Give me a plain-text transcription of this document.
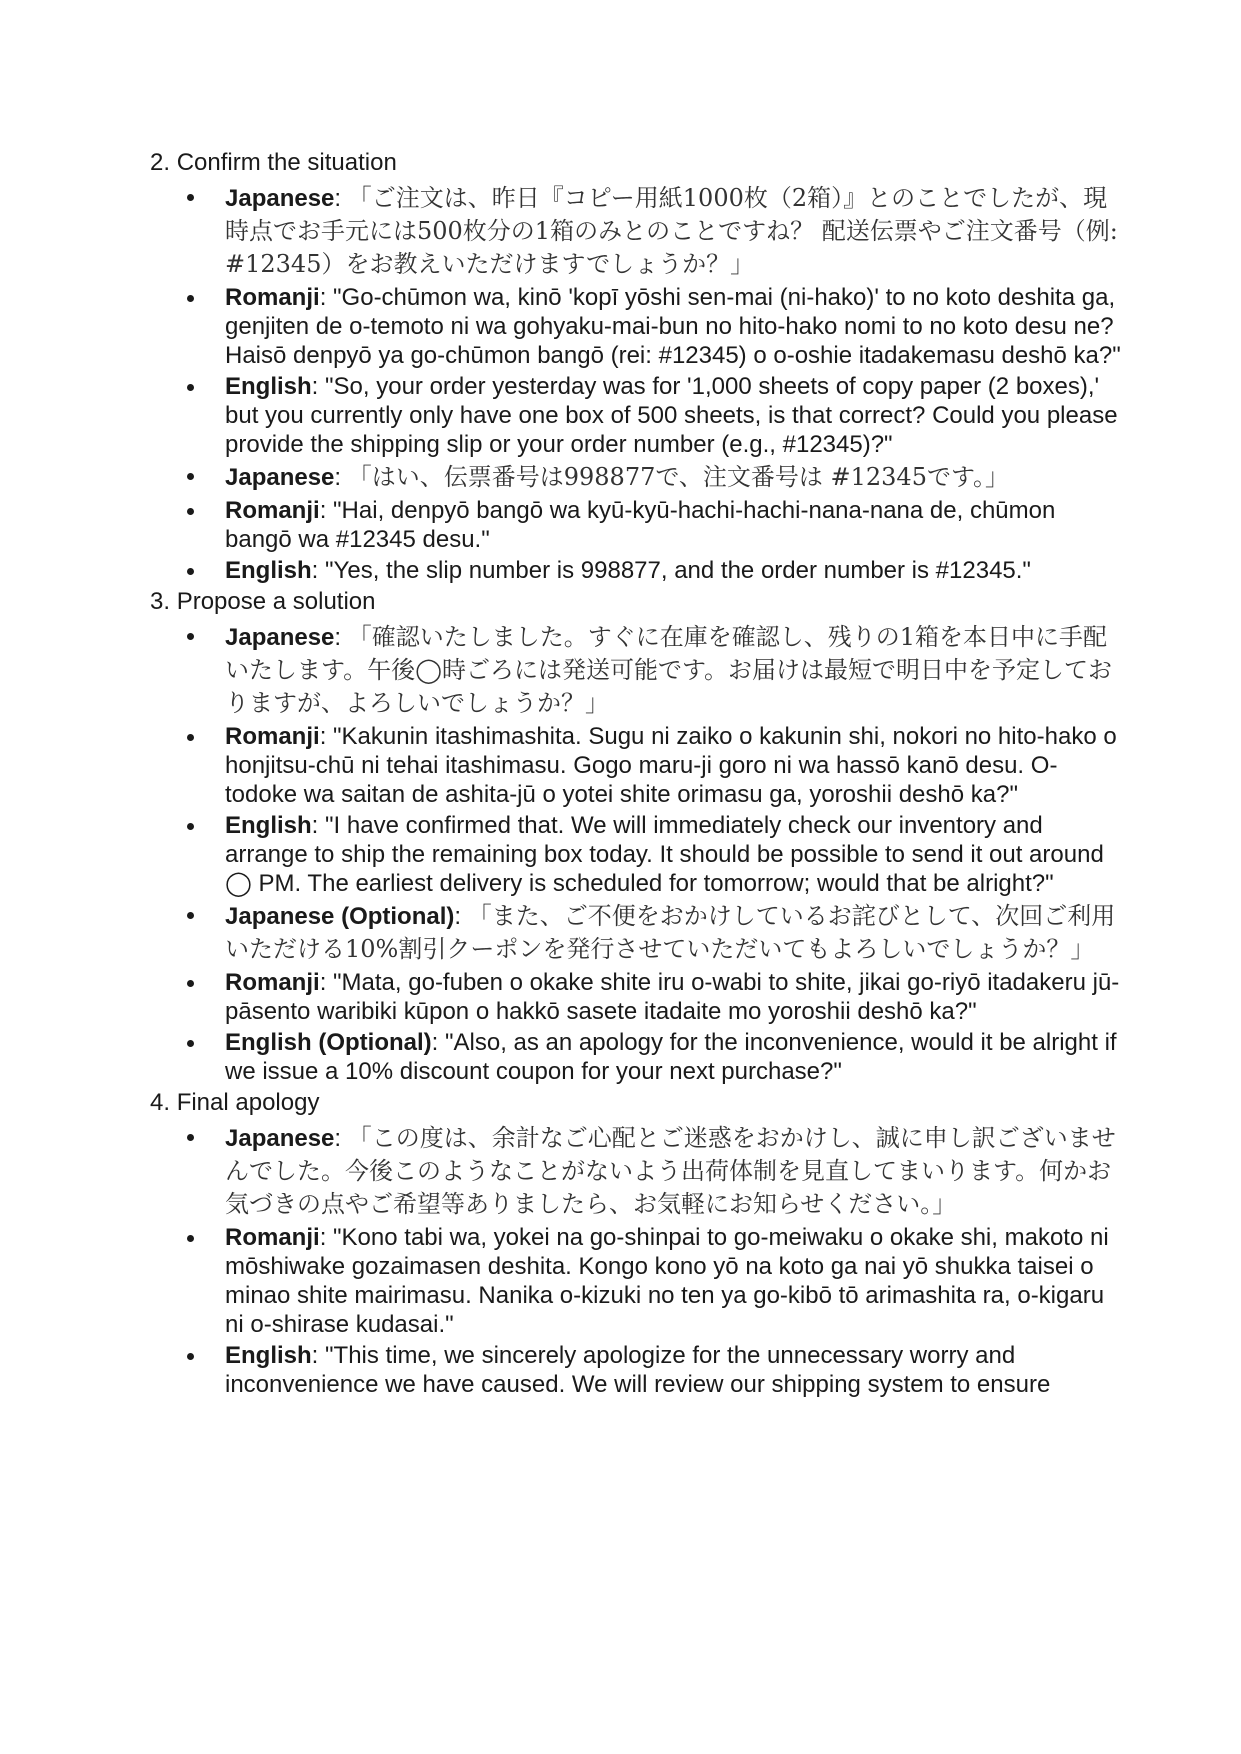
2. Confirm the situation
Japanese: 「ご注文は、昨日『コピー用紙1000枚（2箱）』とのことでしたが、現時点でお手元には500枚分の1箱のみとのことですね？ 配送伝票やご注文番号（例: #12345）をお教えいただけますでしょうか？」
Romanji: "Go-chūmon wa, kinō 'kopī yōshi sen-mai (ni-hako)' to no koto deshita ga, genjiten de o-temoto ni wa gohyaku-mai-bun no hito-hako nomi to no koto desu ne? Haisō denpyō ya go-chūmon bangō (rei: #12345) o o-oshie itadakemasu deshō ka?"
English: "So, your order yesterday was for '1,000 sheets of copy paper (2 boxes),' but you currently only have one box of 500 sheets, is that correct? Could you please provide the shipping slip or your order number (e.g., #12345)?"
Japanese: 「はい、伝票番号は998877で、注文番号は #12345です。」
Romanji: "Hai, denpyō bangō wa kyū-kyū-hachi-hachi-nana-nana de, chūmon bangō wa #12345 desu."
English: "Yes, the slip number is 998877, and the order number is #12345."
3. Propose a solution
Japanese: 「確認いたしました。すぐに在庫を確認し、残りの1箱を本日中に手配いたします。午後◯時ごろには発送可能です。お届けは最短で明日中を予定しておりますが、よろしいでしょうか？」
Romanji: "Kakunin itashimashita. Sugu ni zaiko o kakunin shi, nokori no hito-hako o honjitsu-chū ni tehai itashimasu. Gogo maru-ji goro ni wa hassō kanō desu. O-todoke wa saitan de ashita-jū o yotei shite orimasu ga, yoroshii deshō ka?"
English: "I have confirmed that. We will immediately check our inventory and arrange to ship the remaining box today. It should be possible to send it out around ◯ PM. The earliest delivery is scheduled for tomorrow; would that be alright?"
Japanese (Optional): 「また、ご不便をおかけしているお詫びとして、次回ご利用いただける10%割引クーポンを発行させていただいてもよろしいでしょうか？」
Romanji: "Mata, go-fuben o okake shite iru o-wabi to shite, jikai go-riyō itadakeru jū-pāsento waribiki kūpon o hakkō sasete itadaite mo yoroshii deshō ka?"
English (Optional): "Also, as an apology for the inconvenience, would it be alright if we issue a 10% discount coupon for your next purchase?"
4. Final apology
Japanese: 「この度は、余計なご心配とご迷惑をおかけし、誠に申し訳ございませんでした。今後このようなことがないよう出荷体制を見直してまいります。何かお気づきの点やご希望等ありましたら、お気軽にお知らせください。」
Romanji: "Kono tabi wa, yokei na go-shinpai to go-meiwaku o okake shi, makoto ni mōshiwake gozaimasen deshita. Kongo kono yō na koto ga nai yō shukka taisei o minao shite mairimasu. Nanika o-kizuki no ten ya go-kibō tō arimashita ra, o-kigaru ni o-shirase kudasai."
English: "This time, we sincerely apologize for the unnecessary worry and inconvenience we have caused. We will review our shipping system to ensure
